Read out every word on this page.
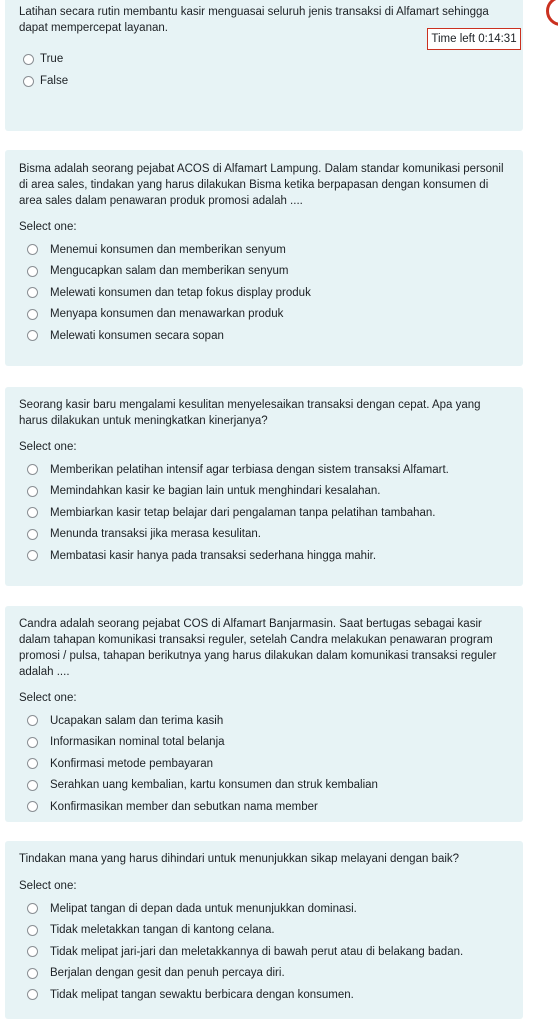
Latihan secara rutin membantu kasir menguasai seluruh jenis transaksi di Alfamart sehingga dapat mempercepat layanan.
True
False
Time left 0:14:31
Bisma adalah seorang pejabat ACOS di Alfamart Lampung. Dalam standar komunikasi personil di area sales, tindakan yang harus dilakukan Bisma ketika berpapasan dengan konsumen di area sales dalam penawaran produk promosi adalah ....
Select one:
Menemui konsumen dan memberikan senyum
Mengucapkan salam dan memberikan senyum
Melewati konsumen dan tetap fokus display produk
Menyapa konsumen dan menawarkan produk
Melewati konsumen secara sopan
Seorang kasir baru mengalami kesulitan menyelesaikan transaksi dengan cepat. Apa yang harus dilakukan untuk meningkatkan kinerjanya?
Select one:
Memberikan pelatihan intensif agar terbiasa dengan sistem transaksi Alfamart.
Memindahkan kasir ke bagian lain untuk menghindari kesalahan.
Membiarkan kasir tetap belajar dari pengalaman tanpa pelatihan tambahan.
Menunda transaksi jika merasa kesulitan.
Membatasi kasir hanya pada transaksi sederhana hingga mahir.
Candra adalah seorang pejabat COS di Alfamart Banjarmasin. Saat bertugas sebagai kasir dalam tahapan komunikasi transaksi reguler, setelah Candra melakukan penawaran program promosi / pulsa, tahapan berikutnya yang harus dilakukan dalam komunikasi transaksi reguler adalah ....
Select one:
Ucapakan salam dan terima kasih
Informasikan nominal total belanja
Konfirmasi metode pembayaran
Serahkan uang kembalian, kartu konsumen dan struk kembalian
Konfirmasikan member dan sebutkan nama member
Tindakan mana yang harus dihindari untuk menunjukkan sikap melayani dengan baik?
Select one:
Melipat tangan di depan dada untuk menunjukkan dominasi.
Tidak meletakkan tangan di kantong celana.
Tidak melipat jari-jari dan meletakkannya di bawah perut atau di belakang badan.
Berjalan dengan gesit dan penuh percaya diri.
Tidak melipat tangan sewaktu berbicara dengan konsumen.
